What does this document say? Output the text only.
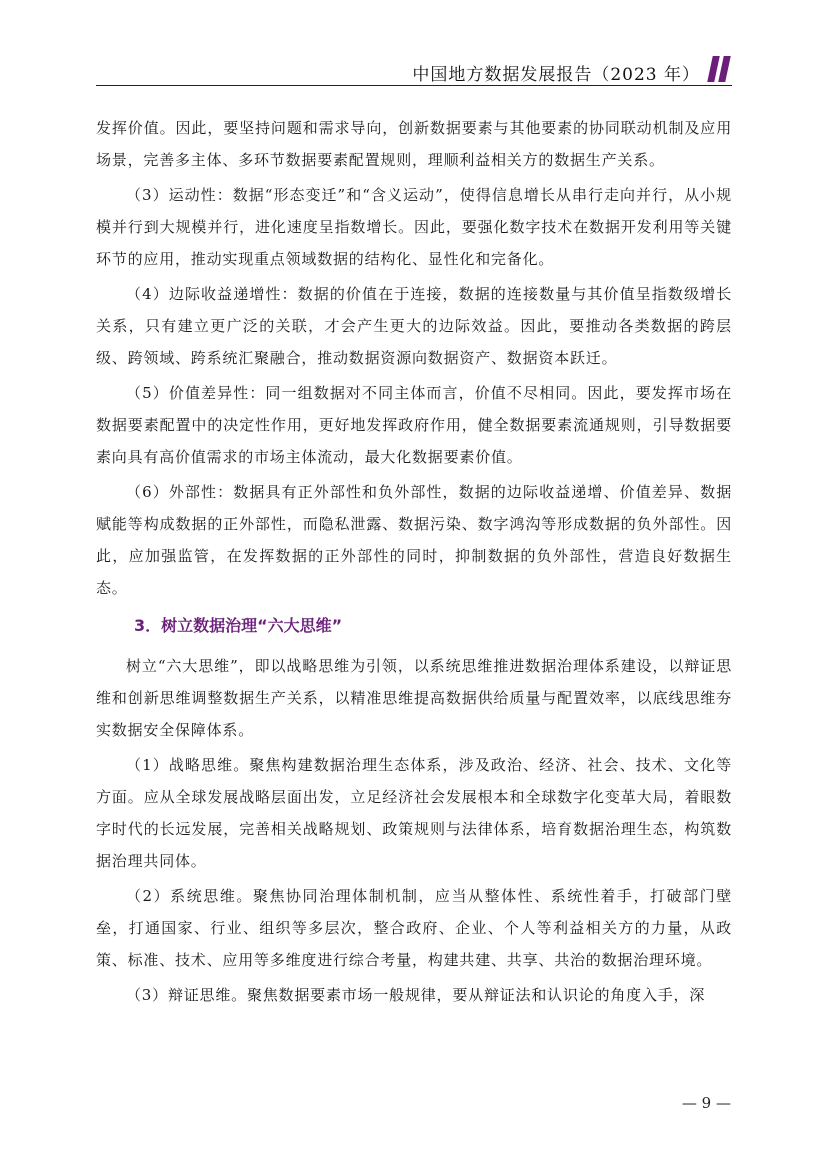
中国地方数据发展报告（2023 年）

发挥价值。因此，要坚持问题和需求导向，创新数据要素与其他要素的协同联动机制及应用场景，完善多主体、多环节数据要素配置规则，理顺利益相关方的数据生产关系。

（3）运动性：数据“形态变迁”和“含义运动”，使得信息增长从串行走向并行，从小规模并行到大规模并行，进化速度呈指数增长。因此，要强化数字技术在数据开发利用等关键环节的应用，推动实现重点领域数据的结构化、显性化和完备化。

（4）边际收益递增性：数据的价值在于连接，数据的连接数量与其价值呈指数级增长关系，只有建立更广泛的关联，才会产生更大的边际效益。因此，要推动各类数据的跨层级、跨领域、跨系统汇聚融合，推动数据资源向数据资产、数据资本跃迁。

（5）价值差异性：同一组数据对不同主体而言，价值不尽相同。因此，要发挥市场在数据要素配置中的决定性作用，更好地发挥政府作用，健全数据要素流通规则，引导数据要素向具有高价值需求的市场主体流动，最大化数据要素价值。

（6）外部性：数据具有正外部性和负外部性，数据的边际收益递增、价值差异、数据赋能等构成数据的正外部性，而隐私泄露、数据污染、数字鸿沟等形成数据的负外部性。因此，应加强监管，在发挥数据的正外部性的同时，抑制数据的负外部性，营造良好数据生态。

3．树立数据治理“六大思维”

树立“六大思维”，即以战略思维为引领，以系统思维推进数据治理体系建设，以辩证思维和创新思维调整数据生产关系，以精准思维提高数据供给质量与配置效率，以底线思维夯实数据安全保障体系。

（1）战略思维。聚焦构建数据治理生态体系，涉及政治、经济、社会、技术、文化等方面。应从全球发展战略层面出发，立足经济社会发展根本和全球数字化变革大局，着眼数字时代的长远发展，完善相关战略规划、政策规则与法律体系，培育数据治理生态，构筑数据治理共同体。

（2）系统思维。聚焦协同治理体制机制，应当从整体性、系统性着手，打破部门壁垒，打通国家、行业、组织等多层次，整合政府、企业、个人等利益相关方的力量，从政策、标准、技术、应用等多维度进行综合考量，构建共建、共享、共治的数据治理环境。

（3）辩证思维。聚焦数据要素市场一般规律，要从辩证法和认识论的角度入手，深

— 9 —
